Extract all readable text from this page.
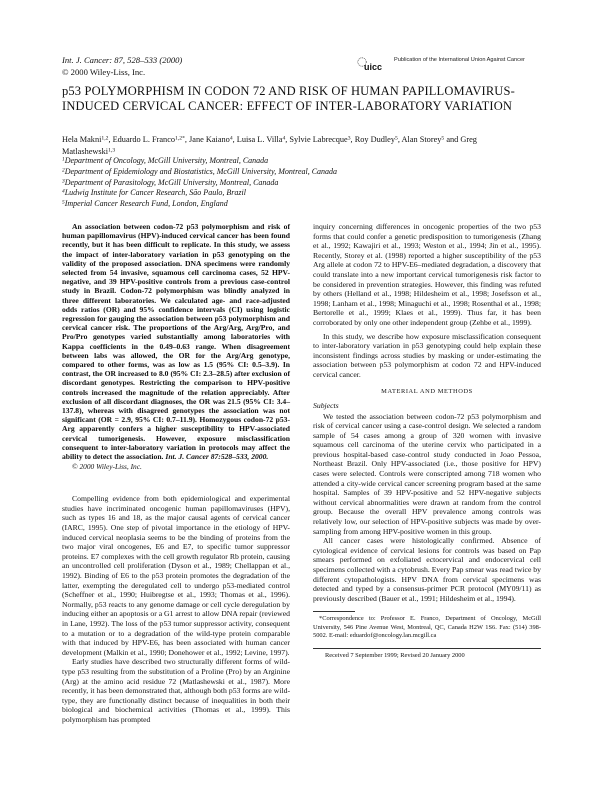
Int. J. Cancer: 87, 528–533 (2000)
© 2000 Wiley-Liss, Inc.	uicc
Publication of the International Union Against Cancer
p53 POLYMORPHISM IN CODON 72 AND RISK OF HUMAN PAPILLOMAVIRUS-INDUCED CERVICAL CANCER: EFFECT OF INTER-LABORATORY VARIATION
Hela Makni$^{1,2}$, Eduardo L. Franco$^{1,2*}$, Jane Kaiano$^4$, Luisa L. Villa$^4$, Sylvie Labrecque$^3$, Roy Dudley$^5$, Alan Storey$^5$ and Greg Matlashewski$^{1,3}$
$^1$Department of Oncology, McGill University, Montreal, Canada
$^2$Department of Epidemiology and Biostatistics, McGill University, Montreal, Canada
$^3$Department of Parasitology, McGill University, Montreal, Canada
$^4$Ludwig Institute for Cancer Research, São Paulo, Brazil
$^5$Imperial Cancer Research Fund, London, England

An association between codon-72 p53 polymorphism and risk of human papillomavirus (HPV)-induced cervical cancer has been found recently, but it has been difficult to replicate. In this study, we assess the impact of inter-laboratory variation in p53 genotyping on the validity of the proposed association. DNA specimens were randomly selected from 54 invasive, squamous cell carcinoma cases, 52 HPV-negative, and 39 HPV-positive controls from a previous case-control study in Brazil. Codon-72 polymorphism was blindly analyzed in three different laboratories. We calculated age- and race-adjusted odds ratios (OR) and 95% confidence intervals (CI) using logistic regression for gauging the association between p53 polymorphism and cervical cancer risk. The proportions of the Arg/Arg, Arg/Pro, and Pro/Pro genotypes varied substantially among laboratories with Kappa coefficients in the 0.49–0.63 range. When disagreement between labs was allowed, the OR for the Arg/Arg genotype, compared to other forms, was as low as 1.5 (95% CI: 0.5–3.9). In contrast, the OR increased to 8.0 (95% CI: 2.3–28.5) after exclusion of discordant genotypes. Restricting the comparison to HPV-positive controls increased the magnitude of the relation appreciably. After exclusion of all discordant diagnoses, the OR was 21.5 (95% CI: 3.4–137.8), whereas with disagreed genotypes the association was not significant (OR = 2.9, 95% CI: 0.7–11.9). Homozygous codon-72 p53-Arg apparently confers a higher susceptibility to HPV-associated cervical tumorigenesis. However, exposure misclassification consequent to inter-laboratory variation in protocols may affect the ability to detect the association. Int. J. Cancer 87:528–533, 2000.

© 2000 Wiley-Liss, Inc.

Compelling evidence from both epidemiological and experimental studies have incriminated oncogenic human papillomaviruses (HPV), such as types 16 and 18, as the major causal agents of cervical cancer (IARC, 1995). One step of pivotal importance in the etiology of HPV-induced cervical neoplasia seems to be the binding of proteins from the two major viral oncogenes, E6 and E7, to specific tumor suppressor proteins. E7 complexes with the cell growth regulator Rb protein, causing an uncontrolled cell proliferation (Dyson et al., 1989; Chellappan et al., 1992). Binding of E6 to the p53 protein promotes the degradation of the latter, exempting the deregulated cell to undergo p53-mediated control (Scheffner et al., 1990; Huibregtse et al., 1993; Thomas et al., 1996). Normally, p53 reacts to any genome damage or cell cycle deregulation by inducing either an apoptosis or a G1 arrest to allow DNA repair (reviewed in Lane, 1992). The loss of the p53 tumor suppressor activity, consequent to a mutation or to a degradation of the wild-type protein comparable with that induced by HPV-E6, has been associated with human cancer development (Malkin et al., 1990; Donehower et al., 1992; Levine, 1997).

Early studies have described two structurally different forms of wild-type p53 resulting from the substitution of a Proline (Pro) by an Arginine (Arg) at the amino acid residue 72 (Matlashewski et al., 1987). More recently, it has been demonstrated that, although both p53 forms are wild-type, they are functionally distinct because of inequalities in both their biological and biochemical activities (Thomas et al., 1999). This polymorphism has prompted

inquiry concerning differences in oncogenic properties of the two p53 forms that could confer a genetic predisposition to tumorigenesis (Zhang et al., 1992; Kawajiri et al., 1993; Weston et al., 1994; Jin et al., 1995). Recently, Storey et al. (1998) reported a higher susceptibility of the p53 Arg allele at codon 72 to HPV-E6–mediated degradation, a discovery that could translate into a new important cervical tumorigenesis risk factor to be considered in prevention strategies. However, this finding was refuted by others (Helland et al., 1998; Hildesheim et al., 1998; Josefsson et al., 1998; Lanham et al., 1998; Minaguchi et al., 1998; Rosenthal et al., 1998; Bertorelle et al., 1999; Klaes et al., 1999). Thus far, it has been corroborated by only one other independent group (Zehbe et al., 1999).

In this study, we describe how exposure misclassification consequent to inter-laboratory variation in p53 genotyping could help explain these inconsistent findings across studies by masking or under-estimating the association between p53 polymorphism at codon 72 and HPV-induced cervical cancer.

MATERIAL AND METHODS
Subjects

We tested the association between codon-72 p53 polymorphism and risk of cervical cancer using a case-control design. We selected a random sample of 54 cases among a group of 320 women with invasive squamous cell carcinoma of the uterine cervix who participated in a previous hospital-based case-control study conducted in Joao Pessoa, Northeast Brazil. Only HPV-associated (i.e., those positive for HPV) cases were selected. Controls were conscripted among 718 women who attended a city-wide cervical cancer screening program based at the same hospital. Samples of 39 HPV-positive and 52 HPV-negative subjects without cervical abnormalities were drawn at random from the control group. Because the overall HPV prevalence among controls was relatively low, our selection of HPV-positive subjects was made by over-sampling from among HPV-positive women in this group.

All cancer cases were histologically confirmed. Absence of cytological evidence of cervical lesions for controls was based on Pap smears performed on exfoliated ectocervical and endocervical cell specimens collected with a cytobrush. Every Pap smear was read twice by different cytopathologists. HPV DNA from cervical specimens was detected and typed by a consensus-primer PCR protocol (MY09/11) as previously described (Bauer et al., 1991; Hildesheim et al., 1994).

*Correspondence to: Professor E. Franco, Department of Oncology, McGill University, 546 Pine Avenue West, Montreal, QC, Canada H2W 1S6. Fax: (514) 398-5002. E-mail: eduardof@oncology.lan.mcgill.ca

Received 7 September 1999; Revised 20 January 2000
